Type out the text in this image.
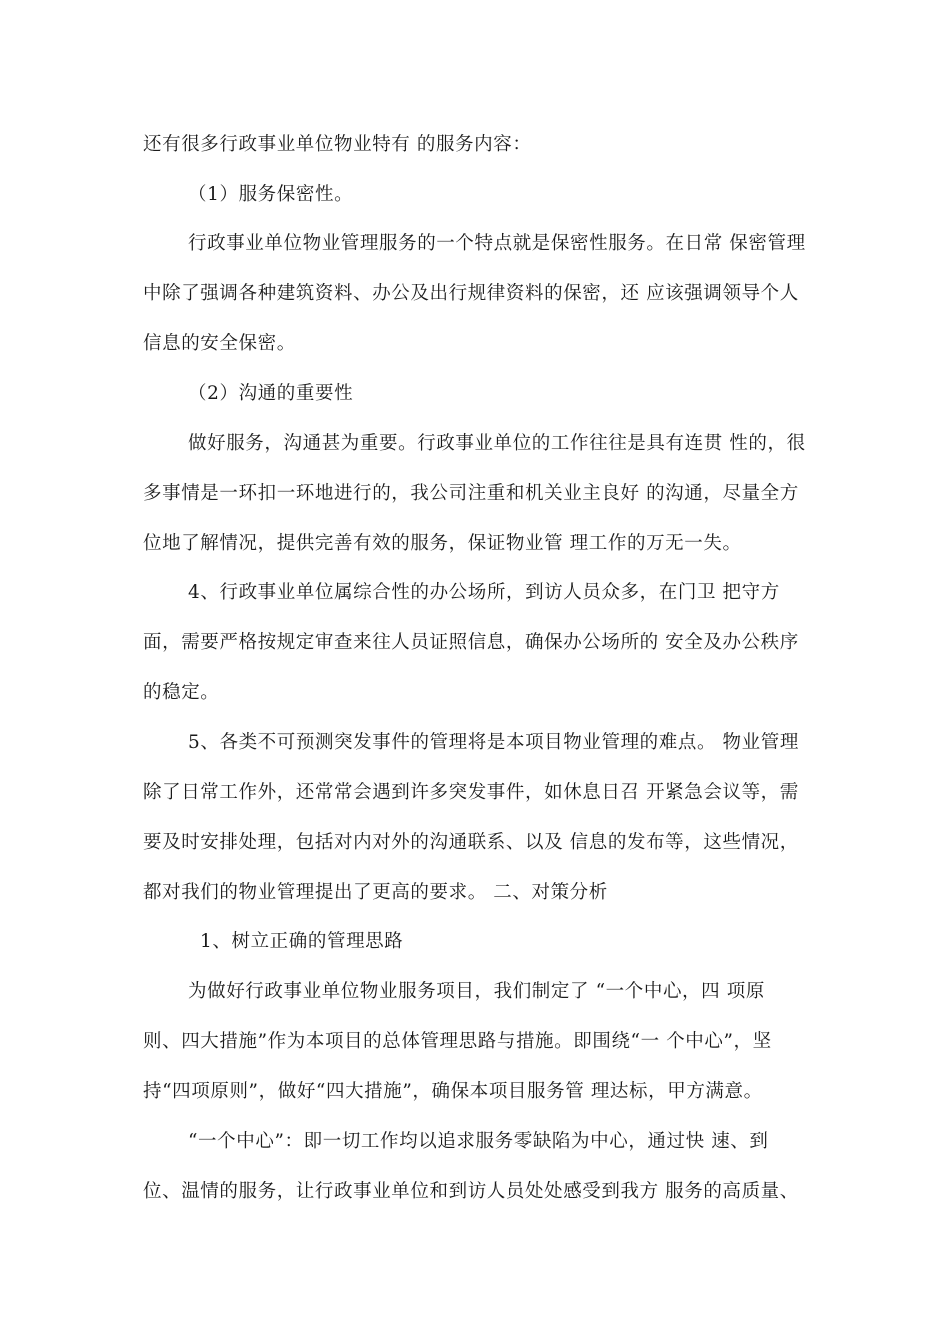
还有很多行政事业单位物业特有 的服务内容：
（1）服务保密性。
行政事业单位物业管理服务的一个特点就是保密性服务。在日常 保密管理
中除了强调各种建筑资料、办公及出行规律资料的保密，还 应该强调领导个人
信息的安全保密。
（2）沟通的重要性
做好服务，沟通甚为重要。行政事业单位的工作往往是具有连贯 性的，很
多事情是一环扣一环地进行的，我公司注重和机关业主良好 的沟通，尽量全方
位地了解情况，提供完善有效的服务，保证物业管 理工作的万无一失。
4、行政事业单位属综合性的办公场所，到访人员众多，在门卫 把守方
面，需要严格按规定审查来往人员证照信息，确保办公场所的 安全及办公秩序
的稳定。
5、各类不可预测突发事件的管理将是本项目物业管理的难点。 物业管理
除了日常工作外，还常常会遇到许多突发事件，如休息日召 开紧急会议等，需
要及时安排处理，包括对内对外的沟通联系、以及 信息的发布等，这些情况，
都对我们的物业管理提出了更高的要求。 二、对策分析
1、树立正确的管理思路
为做好行政事业单位物业服务项目，我们制定了 “一个中心，四 项原
则、四大措施”作为本项目的总体管理思路与措施。即围绕“一 个中心”，坚
持“四项原则”，做好“四大措施”，确保本项目服务管 理达标，甲方满意。
“一个中心”：即一切工作均以追求服务零缺陷为中心，通过快 速、到
位、温情的服务，让行政事业单位和到访人员处处感受到我方 服务的高质量、
